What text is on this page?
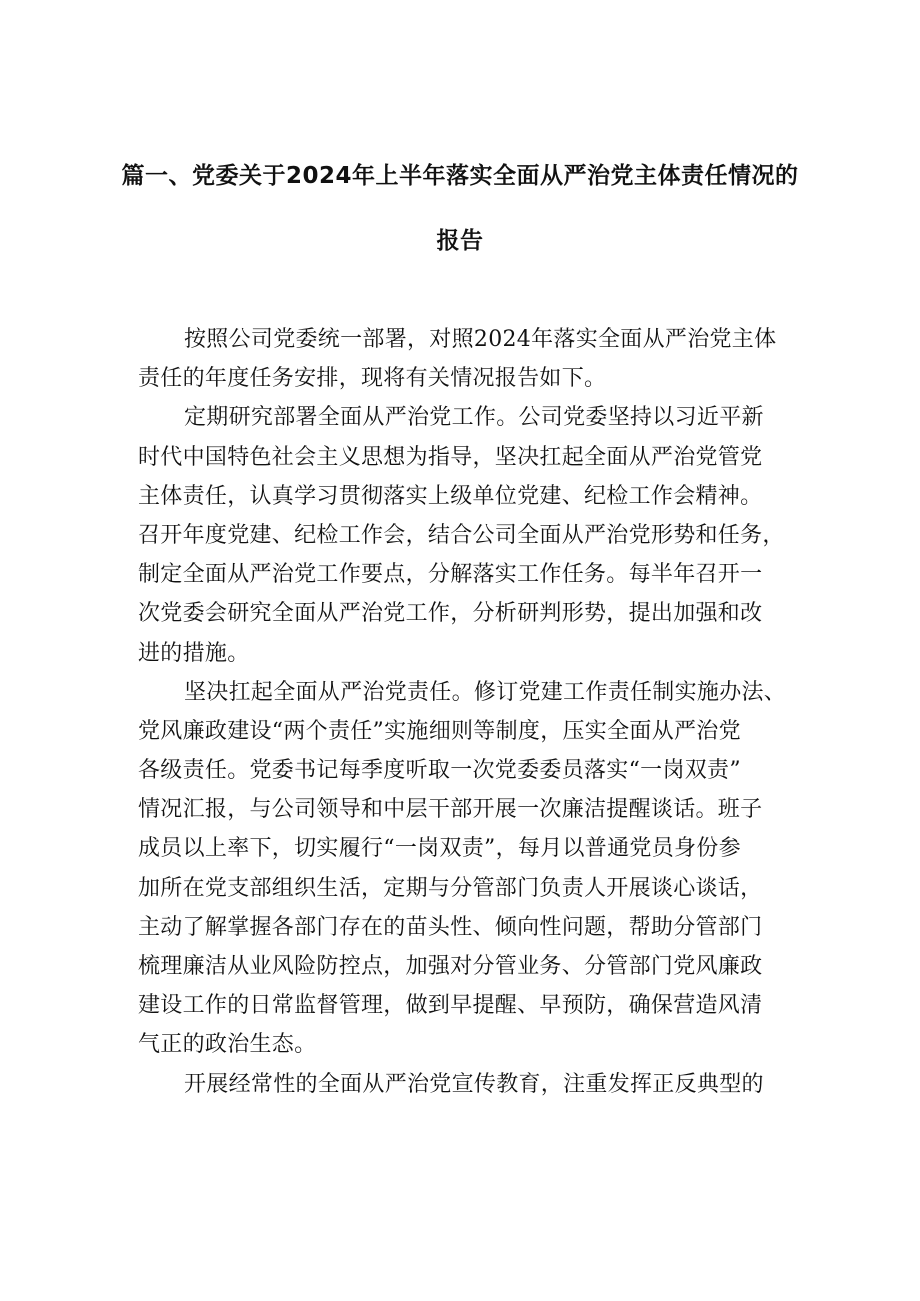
篇一、党委关于2024年上半年落实全面从严治党主体责任情况的
报告
按照公司党委统一部署，对照2024年落实全面从严治党主体
责任的年度任务安排，现将有关情况报告如下。
定期研究部署全面从严治党工作。公司党委坚持以习近平新
时代中国特色社会主义思想为指导，坚决扛起全面从严治党管党
主体责任，认真学习贯彻落实上级单位党建、纪检工作会精神。
召开年度党建、纪检工作会，结合公司全面从严治党形势和任务，
制定全面从严治党工作要点，分解落实工作任务。每半年召开一
次党委会研究全面从严治党工作，分析研判形势，提出加强和改
进的措施。
坚决扛起全面从严治党责任。修订党建工作责任制实施办法、
党风廉政建设“两个责任”实施细则等制度，压实全面从严治党
各级责任。党委书记每季度听取一次党委委员落实“一岗双责”
情况汇报，与公司领导和中层干部开展一次廉洁提醒谈话。班子
成员以上率下，切实履行“一岗双责”，每月以普通党员身份参
加所在党支部组织生活，定期与分管部门负责人开展谈心谈话，
主动了解掌握各部门存在的苗头性、倾向性问题，帮助分管部门
梳理廉洁从业风险防控点，加强对分管业务、分管部门党风廉政
建设工作的日常监督管理，做到早提醒、早预防，确保营造风清
气正的政治生态。
开展经常性的全面从严治党宣传教育，注重发挥正反典型的
